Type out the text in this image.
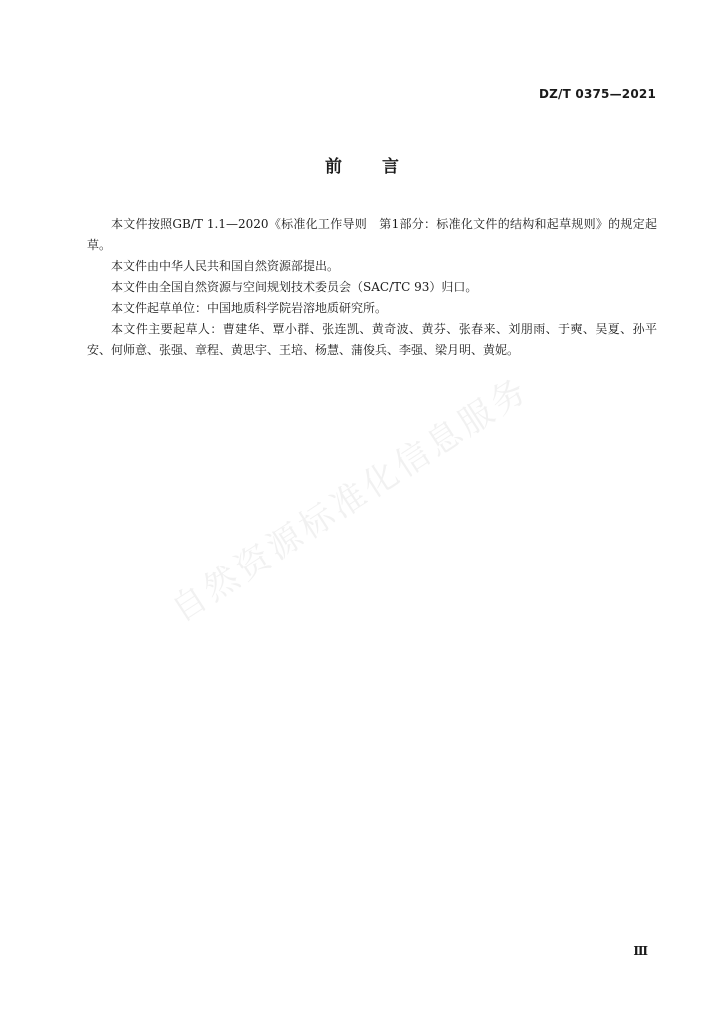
DZ/T 0375—2021
前 言

本文件按照GB/T 1.1—2020《标准化工作导则　第1部分：标准化文件的结构和起草规则》的规定起草。

本文件由中华人民共和国自然资源部提出。

本文件由全国自然资源与空间规划技术委员会（SAC/TC 93）归口。

本文件起草单位：中国地质科学院岩溶地质研究所。

本文件主要起草人：曹建华、覃小群、张连凯、黄奇波、黄芬、张春来、刘朋雨、于奭、吴夏、孙平安、何师意、张强、章程、黄思宇、王培、杨慧、蒲俊兵、李强、梁月明、黄妮。

自然资源标准化信息服务
Ⅲ
